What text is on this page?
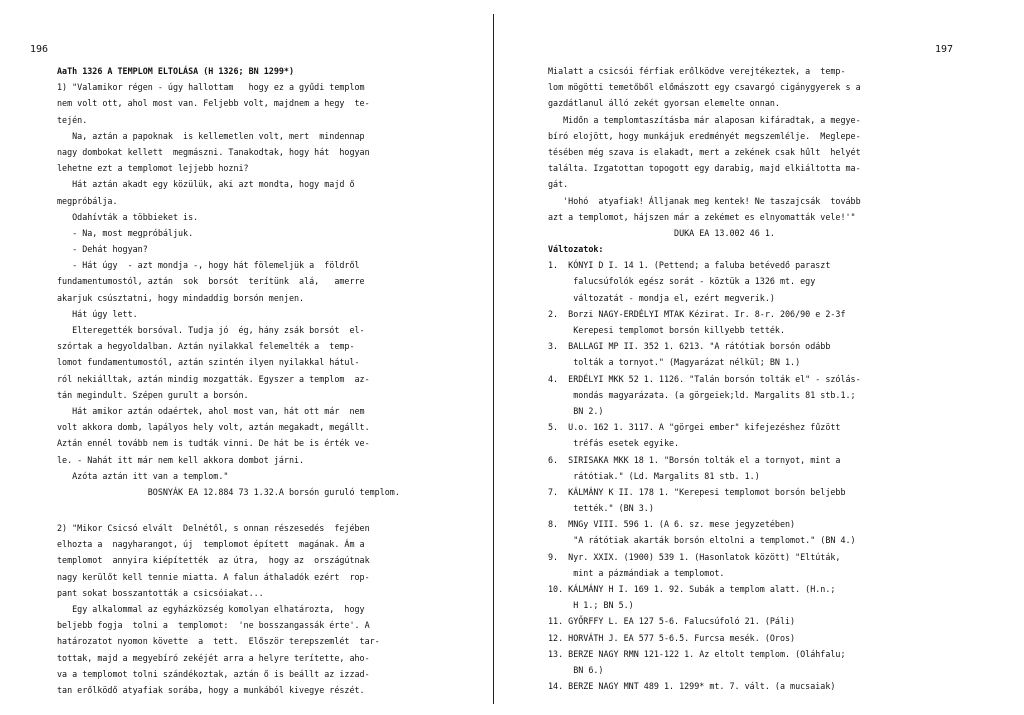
196	197
AaTh 1326 A TEMPLOM ELTOLÁSA (H 1326; BN 1299*)
1) "Valamikor régen - úgy hallottam   hogy ez a gyűdi templom
nem volt ott, ahol most van. Feljebb volt, majdnem a hegy  te-
tején.
Na, aztán a papoknak  is kellemetlen volt, mert  mindennap
nagy dombokat kellett  megmászni. Tanakodtak, hogy hát  hogyan
lehetne ezt a templomot lejjebb hozni?
Hát aztán akadt egy közülük, aki azt mondta, hogy majd ő
megpróbálja.
Odahívták a többieket is.
- Na, most megpróbáljuk.
- Dehát hogyan?
- Hát úgy  - azt mondja -, hogy hát fölemeljük a  földről
fundamentumostól, aztán  sok  borsót  terítünk  alá,   amerre
akarjuk csúsztatni, hogy mindaddig borsón menjen.
Hát úgy lett.
Elteregették borsóval. Tudja jó  ég, hány zsák borsót  el-
szórtak a hegyoldalban. Aztán nyilakkal felemelték a  temp-
lomot fundamentumostól, aztán szintén ilyen nyilakkal hátul-
ról nekiálltak, aztán mindig mozgatták. Egyszer a templom  az-
tán megindult. Szépen gurult a borsón.
Hát amikor aztán odaértek, ahol most van, hát ott már  nem
volt akkora domb, lapályos hely volt, aztán megakadt, megállt.
Aztán ennél tovább nem is tudták vinni. De hát be is érték ve-
le. - Nahát itt már nem kell akkora dombot járni.
Azóta aztán itt van a templom."
BOSNYÁK EA 12.884 73 1.32.A borsón guruló templom.
2) "Mikor Csicsó elvált  Delnétől, s onnan részesedés  fejében
elhozta a  nagyharangot, új  templomot épített  magának. Ám a
templomot  annyira kiépítették  az útra,  hogy az  országútnak
nagy kerülőt kell tennie miatta. A falun áthaladók ezért  rop-
pant sokat bosszantották a csicsóiakat...
Egy alkalommal az egyházközség komolyan elhatározta,  hogy
beljebb fogja  tolni a  templomot:  'ne bosszangassák érte'. A
határozatot nyomon követte  a  tett.  Először terepszemlét  tar-
tottak, majd a megyebíró zekéjét arra a helyre terítette, aho-
va a templomot tolni szándékoztak, aztán ő is beállt az izzad-
tan erőlködő atyafiak sorába, hogy a munkából kivegye részét.
Mialatt a csicsói férfiak erőlködve verejtékeztek, a  temp-
lom mögötti temetőből előmászott egy csavargó cigánygyerek s a
gazdátlanul álló zekét gyorsan elemelte onnan.
Midőn a templomtaszításba már alaposan kifáradtak, a megye-
bíró elojött, hogy munkájuk eredményét megszemlélje.  Meglepe-
tésében még szava is elakadt, mert a zekének csak hűlt  helyét
találta. Izgatottan topogott egy darabig, majd elkiáltotta ma-
gát.
'Hohó  atyafiak! Álljanak meg kentek! Ne taszajcsák  tovább
azt a templomot, hájszen már a zekémet es elnyomatták vele!'"
DUKA EA 13.002 46 1.
Változatok:
1.  KÓNYI D I. 14 1. (Pettend; a faluba betévedő paraszt
falucsúfolók egész sorát - köztük a 1326 mt. egy
változatát - mondja el, ezért megverik.)
2.  Borzi NAGY-ERDÉLYI MTAK Kézirat. Ir. 8-r. 206/90 e 2-3f
Kerepesi templomot borsón killyebb tették.
3.  BALLAGI MP II. 352 1. 6213. "A rátótiak borsón odább
tolták a tornyot." (Magyarázat nélkül; BN 1.)
4.  ERDÉLYI MKK 52 1. 1126. "Talán borsón tolták el" - szólás-
mondás magyarázata. (a görgeiek;ld. Margalits 81 stb.1.;
BN 2.)
5.  U.o. 162 1. 3117. A "görgei ember" kifejezéshez fűzött
tréfás esetek egyike.
6.  SIRISAKA MKK 18 1. "Borsón tolták el a tornyot, mint a
rátótiak." (Ld. Margalits 81 stb. 1.)
7.  KÁLMÁNY K II. 178 1. "Kerepesi templomot borsón beljebb
tették." (BN 3.)
8.  MNGy VIII. 596 1. (A 6. sz. mese jegyzetében)
"A rátótiak akarták borsón eltolni a templomot." (BN 4.)
9.  Nyr. XXIX. (1900) 539 1. (Hasonlatok között) "Eltúták,
mint a pázmándiak a templomot.
10. KÁLMÁNY H I. 169 1. 92. Subák a templom alatt. (H.n.;
H 1.; BN 5.)
11. GYŐRFFY L. EA 127 5-6. Falucsúfoló 21. (Páli)
12. HORVÁTH J. EA 577 5-6.5. Furcsa mesék. (Oros)
13. BERZE NAGY RMN 121-122 1. Az eltolt templom. (Oláhfalu;
BN 6.)
14. BERZE NAGY MNT 489 1. 1299* mt. 7. vált. (a mucsaiak)
